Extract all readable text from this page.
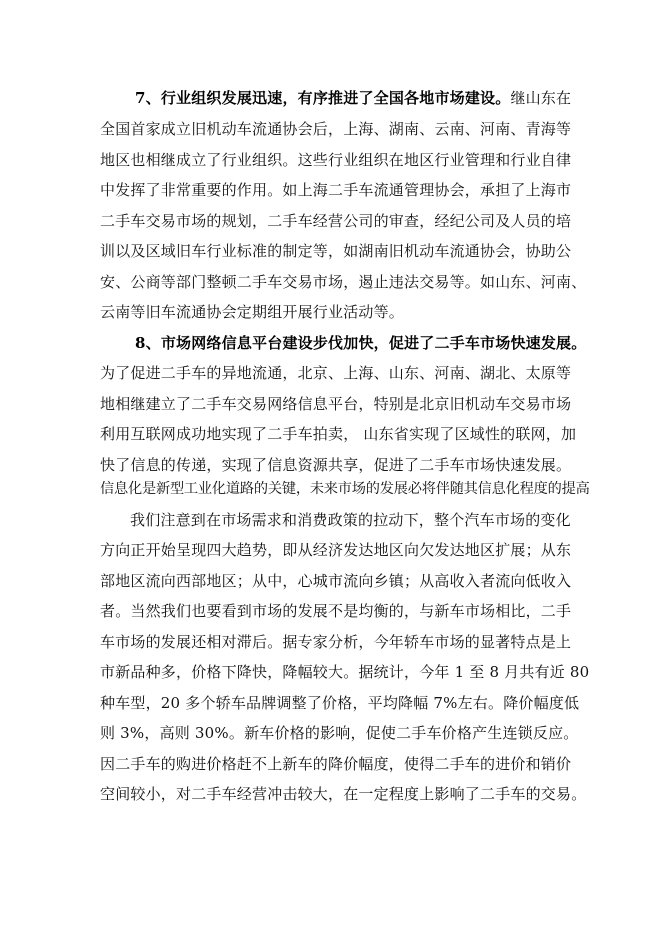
7、行业组织发展迅速，有序推进了全国各地市场建设。继山东在
全国首家成立旧机动车流通协会后，上海、湖南、云南、河南、青海等
地区也相继成立了行业组织。这些行业组织在地区行业管理和行业自律
中发挥了非常重要的作用。如上海二手车流通管理协会，承担了上海市
二手车交易市场的规划，二手车经营公司的审查，经纪公司及人员的培
训以及区域旧车行业标准的制定等，如湖南旧机动车流通协会，协助公
安、公商等部门整顿二手车交易市场，遏止违法交易等。如山东、河南、
云南等旧车流通协会定期组开展行业活动等。
8、市场网络信息平台建设步伐加快，促进了二手车市场快速发展。
为了促进二手车的异地流通，北京、上海、山东、河南、湖北、太原等
地相继建立了二手车交易网络信息平台，特别是北京旧机动车交易市场
利用互联网成功地实现了二手车拍卖， 山东省实现了区域性的联网，加
快了信息的传递，实现了信息资源共享，促进了二手车市场快速发展。
信息化是新型工业化道路的关键，未来市场的发展必将伴随其信息化程度的提高
我们注意到在市场需求和消费政策的拉动下，整个汽车市场的变化
方向正开始呈现四大趋势，即从经济发达地区向欠发达地区扩展；从东
部地区流向西部地区；从中，心城市流向乡镇；从高收入者流向低收入
者。当然我们也要看到市场的发展不是均衡的，与新车市场相比，二手
车市场的发展还相对滞后。据专家分析，今年轿车市场的显著特点是上
市新品种多，价格下降快，降幅较大。据统计，今年 1 至 8 月共有近 80
种车型，20 多个轿车品牌调整了价格，平均降幅 7%左右。降价幅度低
则 3%，高则 30%。新车价格的影响，促使二手车价格产生连锁反应。
因二手车的购进价格赶不上新车的降价幅度，使得二手车的进价和销价
空间较小，对二手车经营冲击较大，在一定程度上影响了二手车的交易。
